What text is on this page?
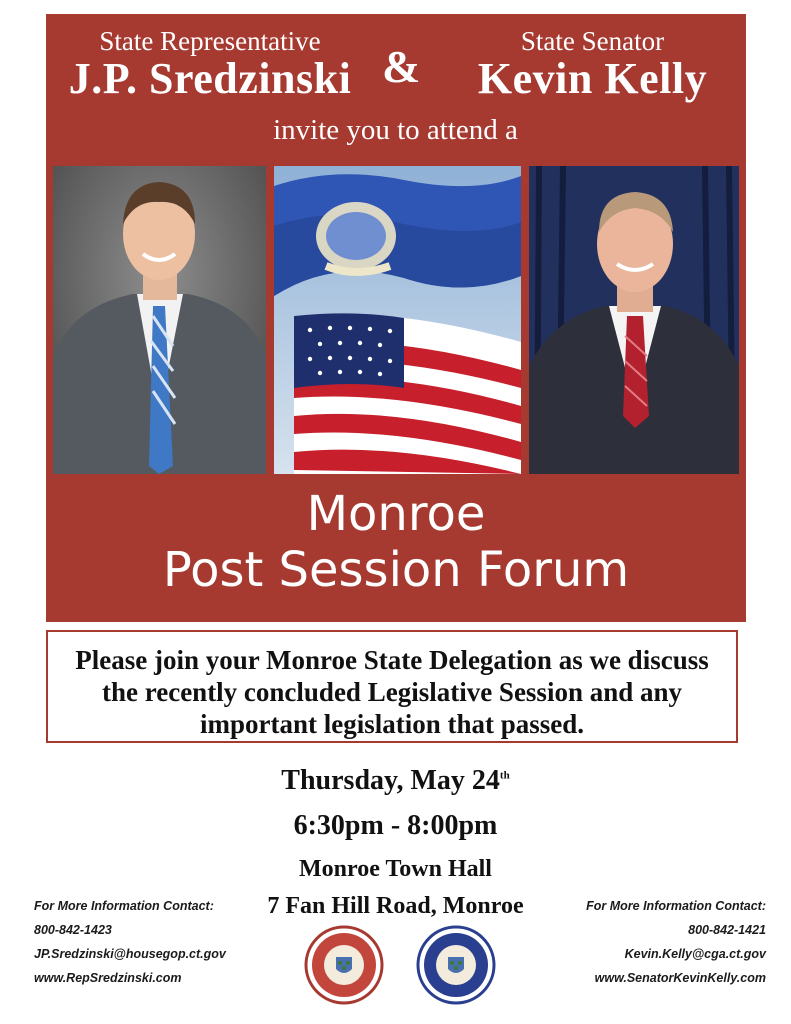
State Representative
J.P. Sredzinski &	State Senator
Kevin Kelly
invite you to attend a
Monroe
Post Session Forum
Please join your Monroe State Delegation as we discuss the recently concluded Legislative Session and any important legislation that passed.
Thursday, May 24th
6:30pm - 8:00pm
Monroe Town Hall
7 Fan Hill Road, Monroe
For More Information Contact:
800-842-1423
JP.Sredzinski@housegop.ct.gov
www.RepSredzinski.com
For More Information Contact:
800-842-1421
Kevin.Kelly@cga.ct.gov
www.SenatorKevinKelly.com
